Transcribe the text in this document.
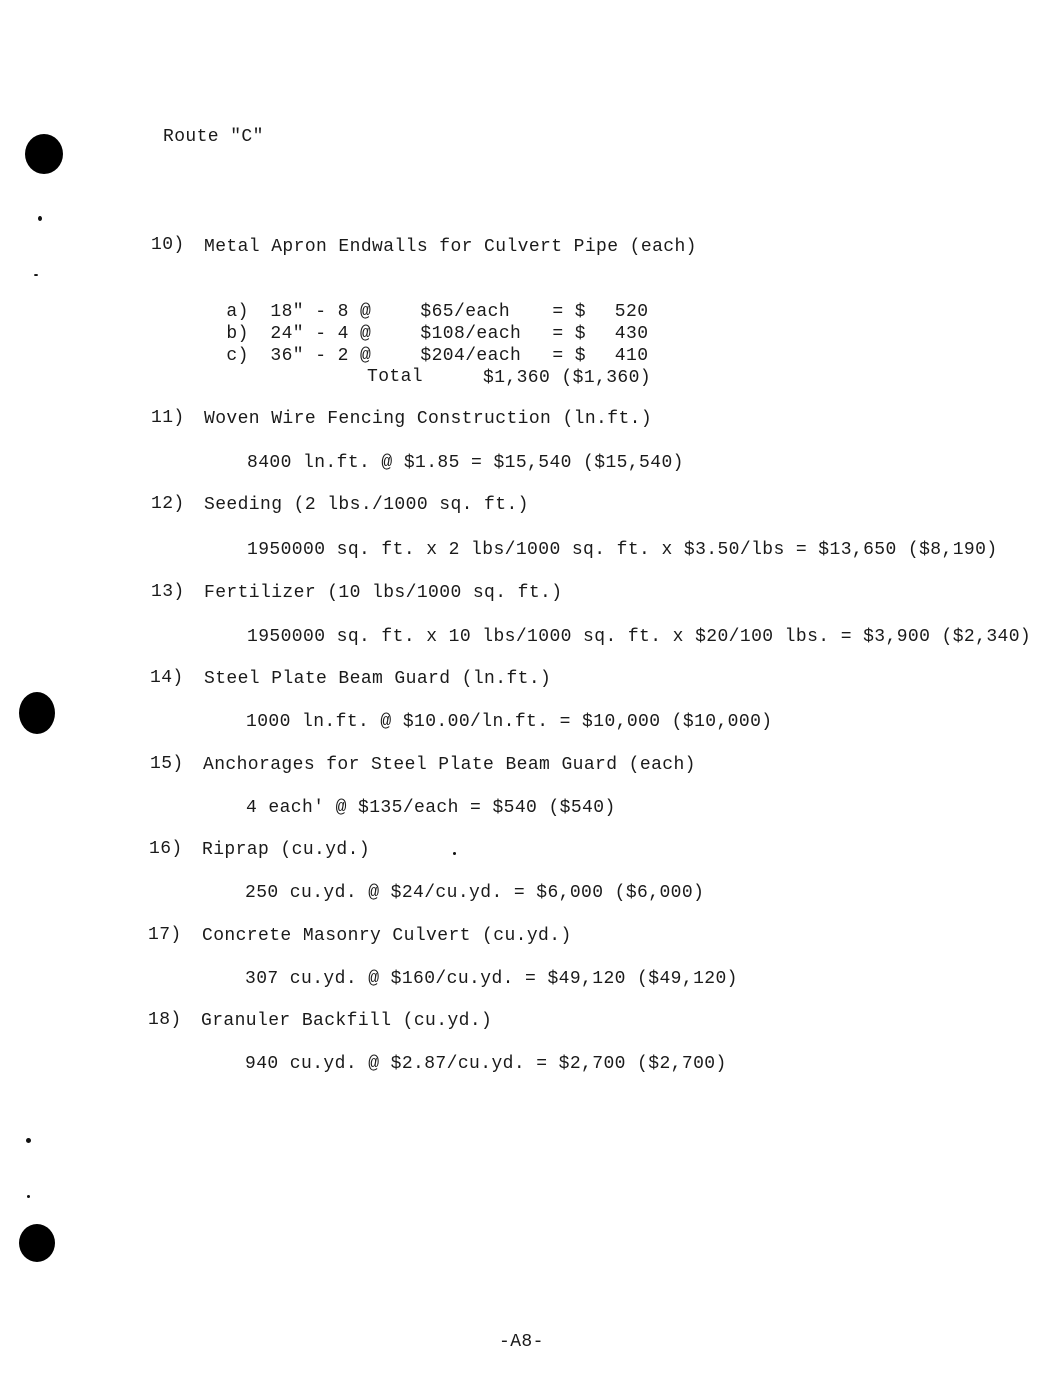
Route "C"
10) Metal Apron Endwalls for Culvert Pipe (each)

a) 18" - 8 @	$65/each = $ 520

b) 24" - 4 @	$108/each = $ 430

c) 36" - 2 @	$204/each = $ 410

Total	$1,360 ($1,360)
11) Woven Wire Fencing Construction (ln.ft.)
8400 ln.ft. @ $1.85 = $15,540 ($15,540)
12) Seeding (2 lbs./1000 sq. ft.)
1950000 sq. ft. x 2 lbs/1000 sq. ft. x $3.50/lbs = $13,650 ($8,190)
13) Fertilizer (10 lbs/1000 sq. ft.)
1950000 sq. ft. x 10 lbs/1000 sq. ft. x $20/100 lbs. = $3,900 ($2,340)
14) Steel Plate Beam Guard (ln.ft.)
1000 ln.ft. @ $10.00/ln.ft. = $10,000 ($10,000)
15) Anchorages for Steel Plate Beam Guard (each)
4 each' @ $135/each = $540 ($540)
16) Riprap (cu.yd.)
250 cu.yd. @ $24/cu.yd. = $6,000 ($6,000)
17) Concrete Masonry Culvert (cu.yd.)
307 cu.yd. @ $160/cu.yd. = $49,120 ($49,120)
18) Granuler Backfill (cu.yd.)
940 cu.yd. @ $2.87/cu.yd. = $2,700 ($2,700)
-A8-
